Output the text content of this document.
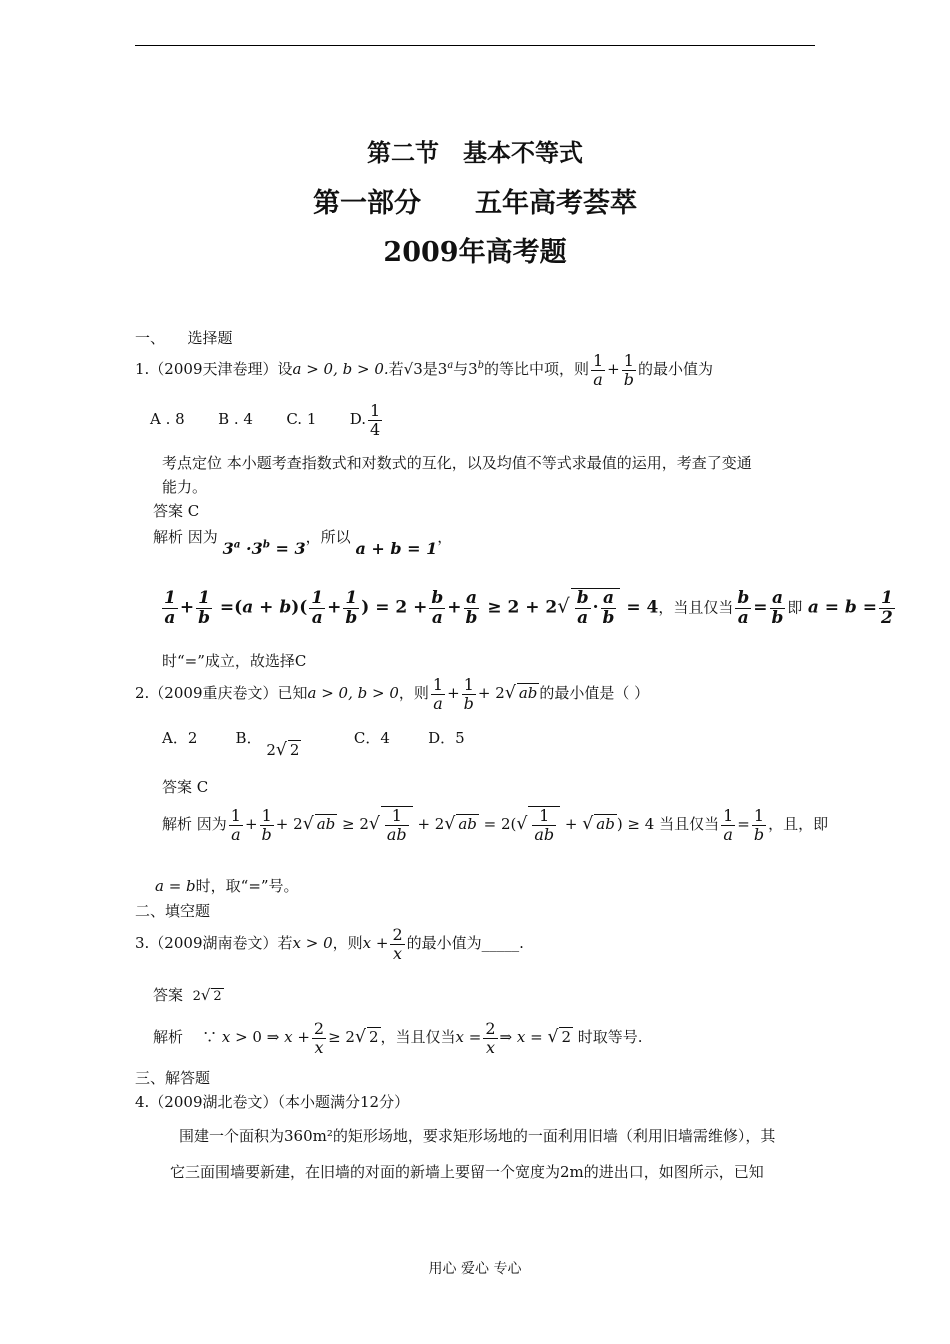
第二节　基本不等式
第一部分　　五年高考荟萃
2009年高考题
一、　　选择题
1.（2009天津卷理）设a > 0, b > 0.若√3是3$^a$与3$^b$的等比中项，则 $\frac{1}{a} + \frac{1}{b}$ 的最小值为
A . 8 B . 4 C. 1 D. $\frac{1}{4}$
考点定位 本小题考查指数式和对数式的互化，以及均值不等式求最值的运用，考查了变通
能力。
答案 C
解析 因为 $3^a \cdot 3^b = 3$，所以 a + b = 1，
$\frac{1}{a} + \frac{1}{b} =(a + b)( \frac{1}{a} + \frac{1}{b}$ ) = $2 + \frac{b}{a} + \frac{a}{b} \ge 2 + 2√ \frac{b}{a} \cdot \frac{a}{b} = 4$，当且仅当 $\frac{b}{a} = \frac{a}{b}$ 即 $a = b = \frac{1}{2}$
时“=”成立，故选择C
2.（2009重庆卷文）已知a > 0, b > 0，则 $\frac{1}{a} + \frac{1}{b} + 2√$ ab 的最小值是（ ）
A．2	B． 2√ 2           C．4	D．5
答案 C
解析 因为 $\frac{1}{a} + \frac{1}{b} + 2√$ ab ≥ $2√ \frac{1}{ab} + 2√$ ab = $2(√ \frac{1}{ab}$ + √ ab ) ≥ 4 当且仅当 $\frac{1}{a} = \frac{1}{b}$ ，且，即
a = b时，取“=”号。
二、填空题
3.（2009湖南卷文）若x > 0，则$x + \frac{2}{x}$ 的最小值为_____.
答案 2√ 2
解析    ∵ x > 0 ⇒ $x + \frac{2}{x} \ge 2√$ 2 ，当且仅当$x = \frac{2}{x}$ ⇒ x = √ 2 时取等号.
三、解答题
4.（2009湖北卷文）（本小题满分12分）
围建一个面积为360m²的矩形场地，要求矩形场地的一面利用旧墙（利用旧墙需维修），其
它三面围墙要新建，在旧墙的对面的新墙上要留一个宽度为2m的进出口，如图所示，已知
用心 爱心 专心
